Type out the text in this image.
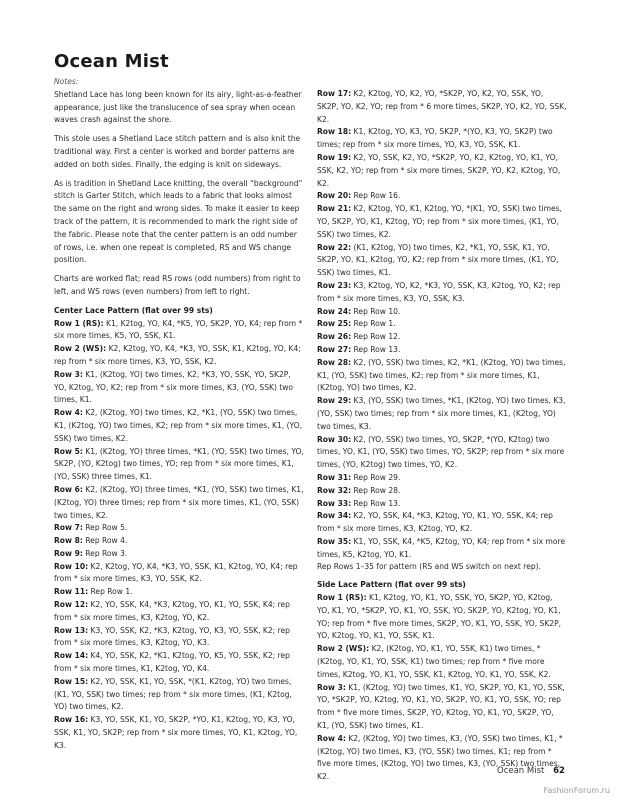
Ocean Mist
Notes:

Shetland Lace has long been known for its airy, light-as-a-feather appearance, just like the translucence of sea spray when ocean waves crash against the shore.

This stole uses a Shetland Lace stitch pattern and is also knit the traditional way. First a center is worked and border patterns are added on both sides. Finally, the edging is knit on sideways.

As is tradition in Shetland Lace knitting, the overall “background” stitch is Garter Stitch, which leads to a fabric that looks almost the same on the right and wrong sides. To make it easier to keep track of the pattern, it is recommended to mark the right side of the fabric. Please note that the center pattern is an odd number of rows, i.e. when one repeat is completed, RS and WS change position.

Charts are worked flat; read RS rows (odd numbers) from right to left, and WS rows (even numbers) from left to right.

Center Lace Pattern (flat over 99 sts)

Row 1 (RS): K1, K2tog, YO, K4, *K5, YO, SK2P, YO, K4; rep from * six more times, K5, YO, SSK, K1.

Row 2 (WS): K2, K2tog, YO, K4, *K3, YO, SSK, K1, K2tog, YO, K4; rep from * six more times, K3, YO, SSK, K2.

Row 3: K1, (K2tog, YO) two times, K2, *K3, YO, SSK, YO, SK2P, YO, K2tog, YO, K2; rep from * six more times, K3, (YO, SSK) two times, K1.

Row 4: K2, (K2tog, YO) two times, K2, *K1, (YO, SSK) two times, K1, (K2tog, YO) two times, K2; rep from * six more times, K1, (YO, SSK) two times, K2.

Row 5: K1, (K2tog, YO) three times, *K1, (YO, SSK) two times, YO, SK2P, (YO, K2tog) two times, YO; rep from * six more times, K1, (YO, SSK) three times, K1.

Row 6: K2, (K2tog, YO) three times, *K1, (YO, SSK) two times, K1, (K2tog, YO) three times; rep from * six more times, K1, (YO, SSK) two times, K2.

Row 7: Rep Row 5.

Row 8: Rep Row 4.

Row 9: Rep Row 3.

Row 10: K2, K2tog, YO, K4, *K3, YO, SSK, K1, K2tog, YO, K4; rep from * six more times, K3, YO, SSK, K2.

Row 11: Rep Row 1.

Row 12: K2, YO, SSK, K4, *K3, K2tog, YO, K1, YO, SSK, K4; rep from * six more times, K3, K2tog, YO, K2.

Row 13: K3, YO, SSK, K2, *K3, K2tog, YO, K3, YO, SSK, K2; rep from * six more times, K3, K2tog, YO, K3.

Row 14: K4, YO, SSK, K2, *K1, K2tog, YO, K5, YO, SSK, K2; rep from * six more times, K1, K2tog, YO, K4.

Row 15: K2, YO, SSK, K1, YO, SSK, *(K1, K2tog, YO) two times, (K1, YO, SSK) two times; rep from * six more times, (K1, K2tog, YO) two times, K2.

Row 16: K3, YO, SSK, K1, YO, SK2P, *YO, K1, K2tog, YO, K3, YO, SSK, K1, YO, SK2P; rep from * six more times, YO, K1, K2tog, YO, K3.

Row 17: K2, K2tog, YO, K2, YO, *SK2P, YO, K2, YO, SSK, YO, SK2P, YO, K2, YO; rep from * 6 more times, SK2P, YO, K2, YO, SSK, K2.

Row 18: K1, K2tog, YO, K3, YO, SK2P, *(YO, K3, YO, SK2P) two times; rep from * six more times, YO, K3, YO, SSK, K1.

Row 19: K2, YO, SSK, K2, YO, *SK2P, YO, K2, K2tog, YO, K1, YO, SSK, K2, YO; rep from * six more times, SK2P, YO, K2, K2tog, YO, K2.

Row 20: Rep Row 16.

Row 21: K2, K2tog, YO, K1, K2tog, YO, *(K1, YO, SSK) two times, YO, SK2P, YO, K1, K2tog, YO; rep from * six more times, (K1, YO, SSK) two times, K2.

Row 22: (K1, K2tog, YO) two times, K2, *K1, YO, SSK, K1, YO, SK2P, YO, K1, K2tog, YO, K2; rep from * six more times, (K1, YO, SSK) two times, K1.

Row 23: K3, K2tog, YO, K2, *K3, YO, SSK, K3, K2tog, YO, K2; rep from * six more times, K3, YO, SSK, K3.

Row 24: Rep Row 10.

Row 25: Rep Row 1.

Row 26: Rep Row 12.

Row 27: Rep Row 13.

Row 28: K2, (YO, SSK) two times, K2, *K1, (K2tog, YO) two times, K1, (YO, SSK) two times, K2; rep from * six more times, K1, (K2tog, YO) two times, K2.

Row 29: K3, (YO, SSK) two times, *K1, (K2tog, YO) two times, K3, (YO, SSK) two times; rep from * six more times, K1, (K2tog, YO) two times, K3.

Row 30: K2, (YO, SSK) two times, YO, SK2P, *(YO, K2tog) two times, YO, K1, (YO, SSK) two times, YO, SK2P; rep from * six more times, (YO, K2tog) two times, YO, K2.

Row 31: Rep Row 29.

Row 32: Rep Row 28.

Row 33: Rep Row 13.

Row 34: K2, YO, SSK, K4, *K3, K2tog, YO, K1, YO, SSK, K4; rep from * six more times, K3, K2tog, YO, K2.

Row 35: K1, YO, SSK, K4, *K5, K2tog, YO, K4; rep from * six more times, K5, K2tog, YO, K1.

Rep Rows 1–35 for pattern (RS and WS switch on next rep).

Side Lace Pattern (flat over 99 sts)

Row 1 (RS): K1, K2tog, YO, K1, YO, SSK, YO, SK2P, YO, K2tog, YO, K1, YO, *SK2P, YO, K1, YO, SSK, YO, SK2P, YO, K2tog, YO, K1, YO; rep from * five more times, SK2P, YO, K1, YO, SSK, YO, SK2P, YO, K2tog, YO, K1, YO, SSK, K1.

Row 2 (WS): K2, (K2tog, YO, K1, YO, SSK, K1) two times, *(K2tog, YO, K1, YO, SSK, K1) two times; rep from * five more times, K2tog, YO, K1, YO, SSK, K1, K2tog, YO, K1, YO, SSK, K2.

Row 3: K1, (K2tog, YO) two times, K1, YO, SK2P, YO, K1, YO, SSK, YO, *SK2P, YO, K2tog, YO, K1, YO, SK2P, YO, K1, YO, SSK, YO; rep from * five more times, SK2P, YO, K2tog, YO, K1, YO, SK2P, YO, K1, (YO, SSK) two times, K1.

Row 4: K2, (K2tog, YO) two times, K3, (YO, SSK) two times, K1, *(K2tog, YO) two times, K3, (YO, SSK) two times, K1; rep from * five more times, (K2tog, YO) two times, K3, (YO, SSK) two times, K2.

Ocean Mist 62
FashionForum.ru
